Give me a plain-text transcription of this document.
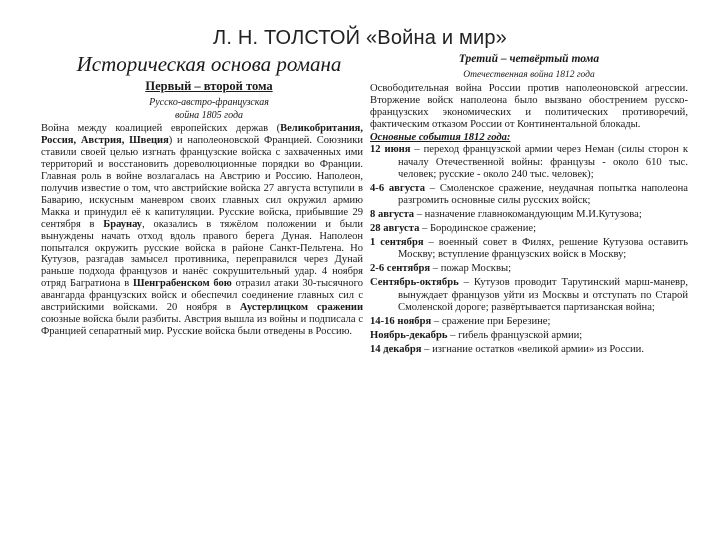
Л. Н. ТОЛСТОЙ «Война и мир»
Историческая основа романа
Первый – второй тома
Русско-австро-французская
война 1805 года

Война между коалицией европейских держав (Великобритания, Россия, Австрия, Швеция) и наполеоновской Францией. Союзники ставили своей целью изгнать французские войска с захваченных ими территорий и восстановить дореволюционные порядки во Франции. Главная роль в войне возлагалась на Австрию и Россию. Наполеон, получив известие о том, что австрийские войска 27 августа вступили в Баварию, искусным маневром своих главных сил окружил армию Макка и принудил её к капитуляции. Русские войска, прибывшие 29 сентября в Браунау, оказались в тяжёлом положении и были вынуждены начать отход вдоль правого берега Дуная. Наполеон попытался окружить русские войска в районе Санкт-Пельтена. Но Кутузов, разгадав замысел противника, переправился через Дунай раньше подхода французов и нанёс сокрушительный удар. 4 ноября отряд Багратиона в Шенграбенском бою отразил атаки 30-тысячного авангарда французских войск и обеспечил соединение главных сил с австрийскими войсками. 20 ноября в Аустерлицком сражении союзные войска были разбиты. Австрия вышла из войны и подписала с Францией сепаратный мир. Русские войска были отведены в Россию.

Третий – четвёртый тома
Отечественная война 1812 года

Освободительная война России против наполеоновской агрессии. Вторжение войск наполеона было вызвано обострением русско-французских экономических и политических противоречий, фактическим отказом России от Континентальной блокады.

Основные события 1812 года:

12 июня – переход французской армии через Неман (силы сторон к началу Отечественной войны: французы - около 610 тыс. человек; русские - около 240 тыс. человек);

4-6 августа – Смоленское сражение, неудачная попытка наполеона разгромить основные силы русских войск;

8 августа – назначение главнокомандующим М.И.Кутузова;

28 августа – Бородинское сражение;

1 сентября – военный совет в Филях, решение Кутузова оставить Москву; вступление французских войск в Москву;

2-6 сентября – пожар Москвы;

Сентябрь-октябрь – Кутузов проводит Тарутинский марш-маневр, вынуждает французов уйти из Москвы и отступать по Старой Смоленской дороге; развёртывается партизанская война;

14-16 ноября – сражение при Березине;

Ноябрь-декабрь – гибель французской армии;

14 декабря – изгнание остатков «великой армии» из России.
